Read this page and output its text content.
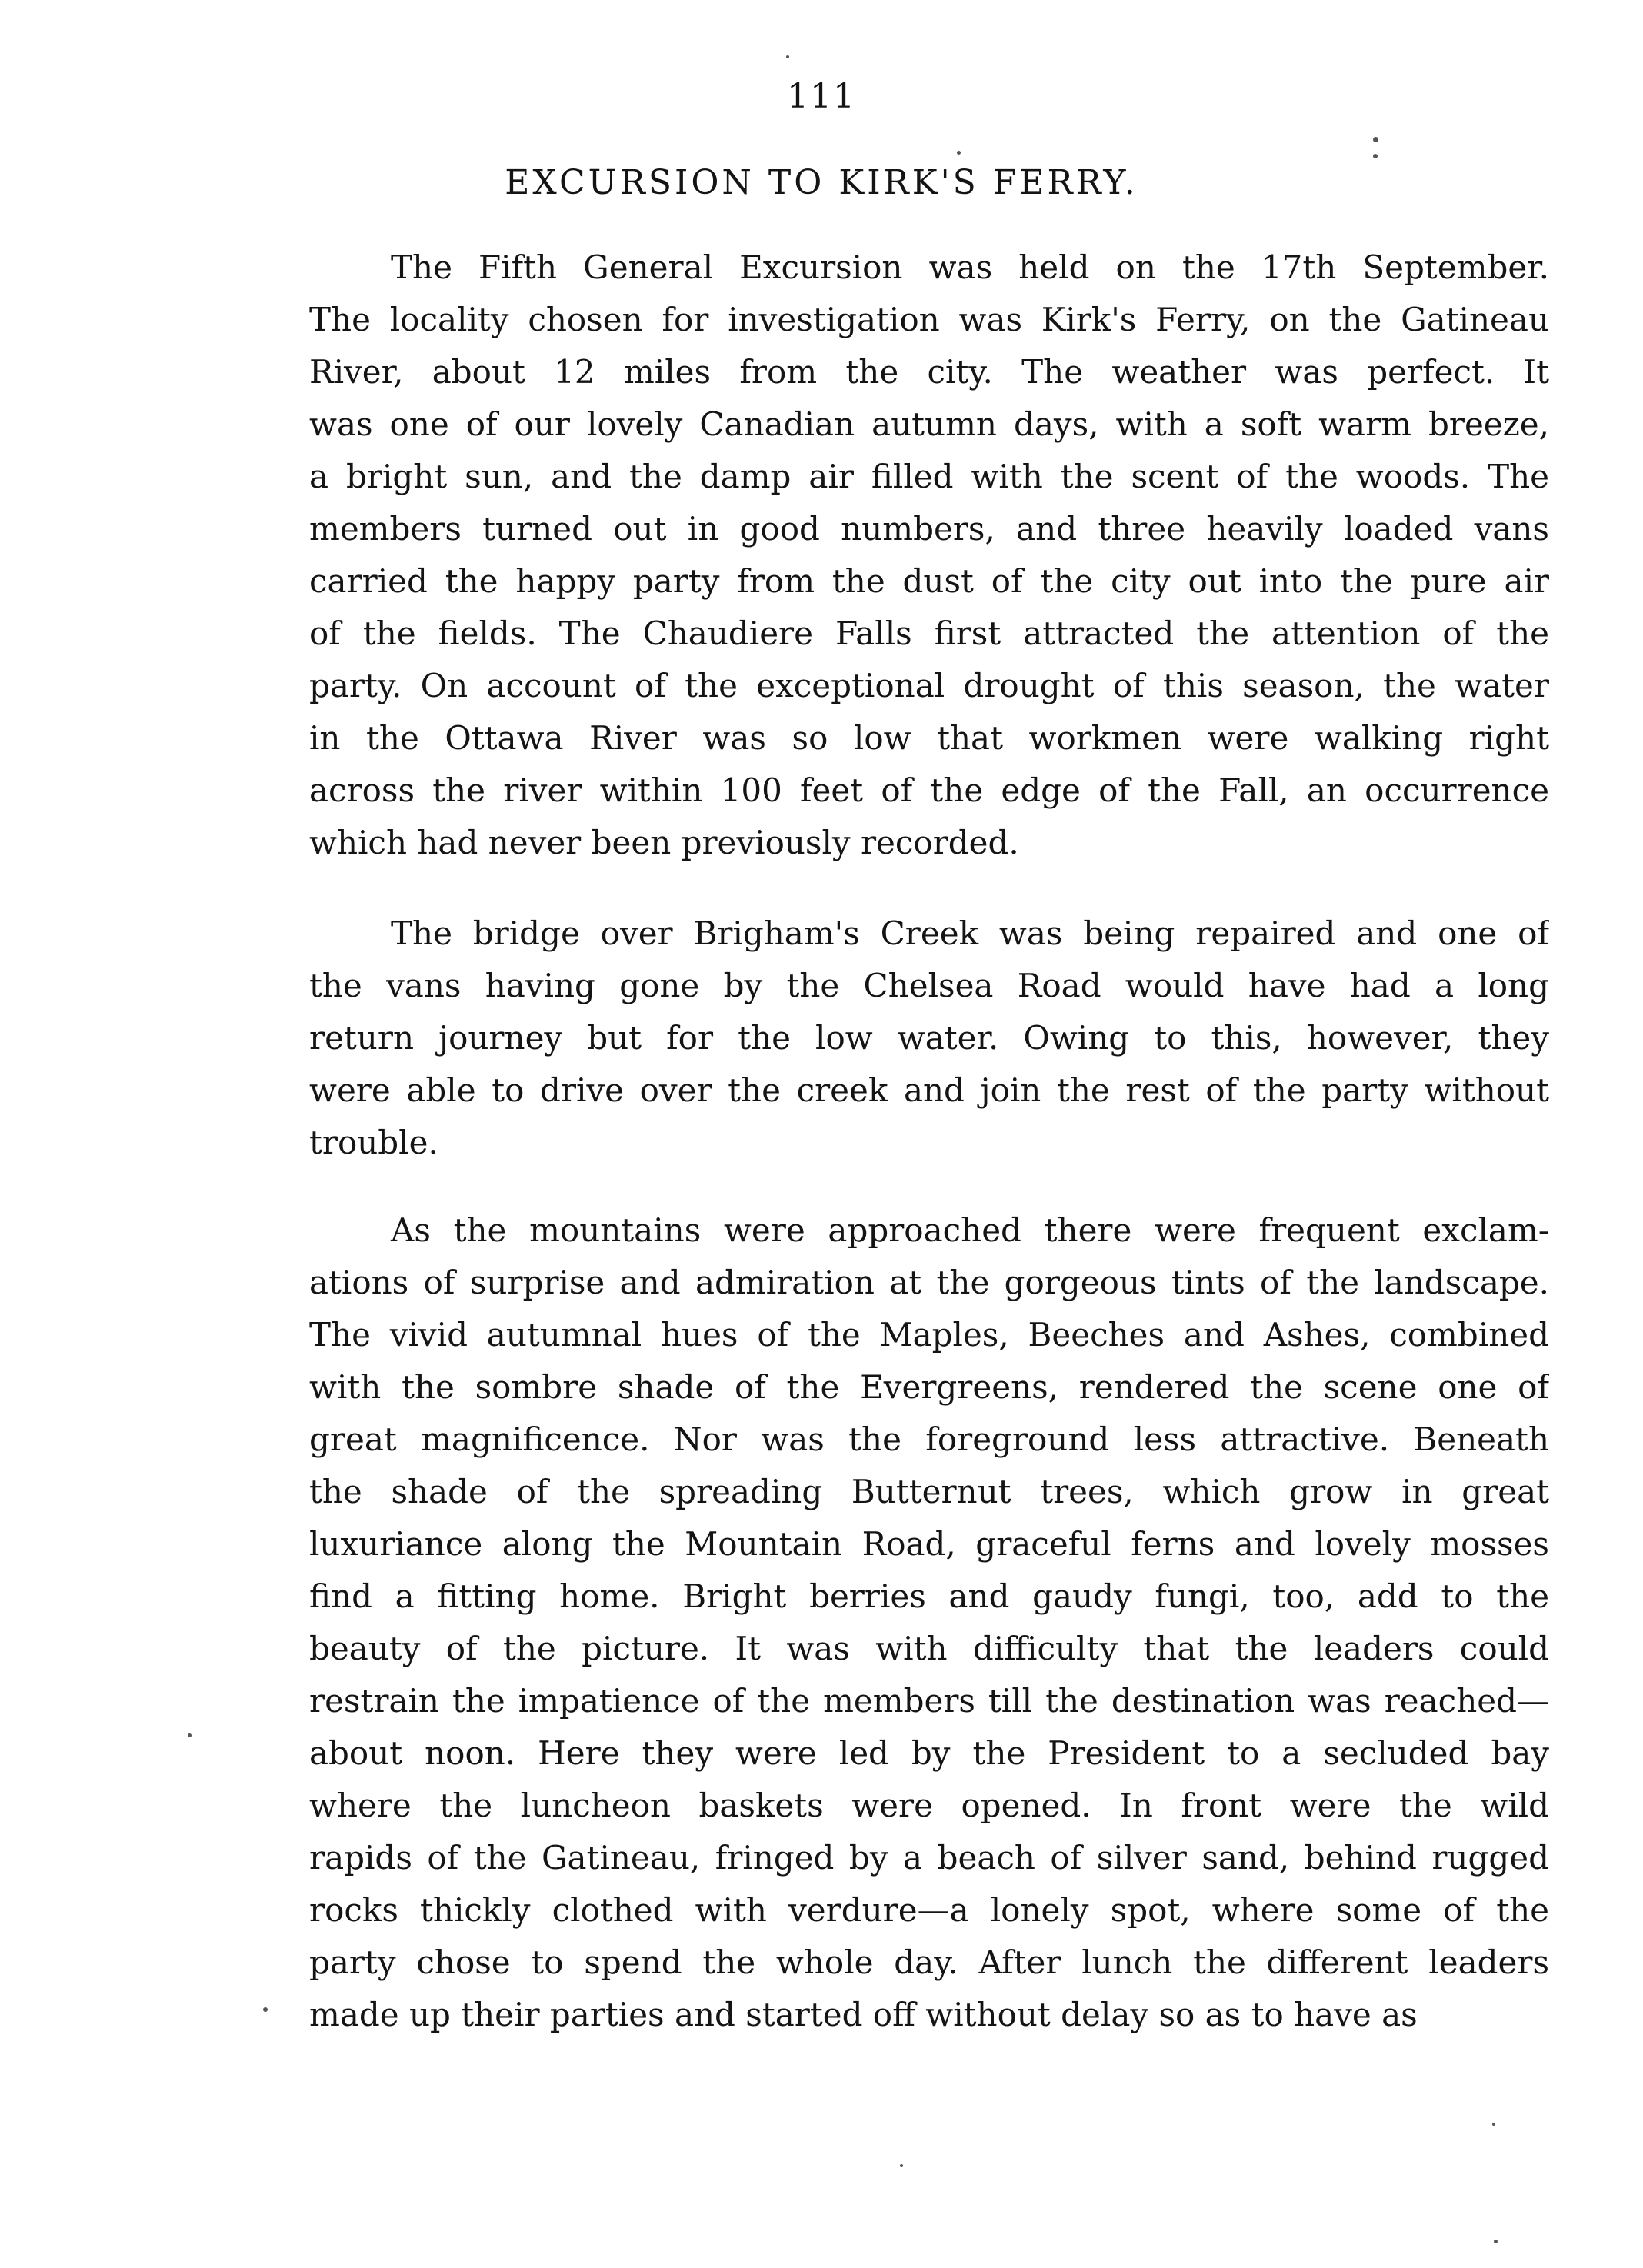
111
EXCURSION TO KIRK'S FERRY.
The Fifth General Excursion was held on the 17th September.
The locality chosen for investigation was Kirk's Ferry, on the Gatineau
River, about 12 miles from the city. The weather was perfect. It
was one of our lovely Canadian autumn days, with a soft warm breeze,
a bright sun, and the damp air filled with the scent of the woods. The
members turned out in good numbers, and three heavily loaded vans
carried the happy party from the dust of the city out into the pure air
of the fields. The Chaudiere Falls first attracted the attention of the
party. On account of the exceptional drought of this season, the water
in the Ottawa River was so low that workmen were walking right
across the river within 100 feet of the edge of the Fall, an occurrence
which had never been previously recorded.
The bridge over Brigham's Creek was being repaired and one of
the vans having gone by the Chelsea Road would have had a long
return journey but for the low water. Owing to this, however, they
were able to drive over the creek and join the rest of the party without
trouble.
As the mountains were approached there were frequent exclam-
ations of surprise and admiration at the gorgeous tints of the landscape.
The vivid autumnal hues of the Maples, Beeches and Ashes, combined
with the sombre shade of the Evergreens, rendered the scene one of
great magnificence. Nor was the foreground less attractive. Beneath
the shade of the spreading Butternut trees, which grow in great
luxuriance along the Mountain Road, graceful ferns and lovely mosses
find a fitting home. Bright berries and gaudy fungi, too, add to the
beauty of the picture. It was with difficulty that the leaders could
restrain the impatience of the members till the destination was reached—
about noon. Here they were led by the President to a secluded bay
where the luncheon baskets were opened. In front were the wild
rapids of the Gatineau, fringed by a beach of silver sand, behind rugged
rocks thickly clothed with verdure—a lonely spot, where some of the
party chose to spend the whole day. After lunch the different leaders
made up their parties and started off without delay so as to have as
